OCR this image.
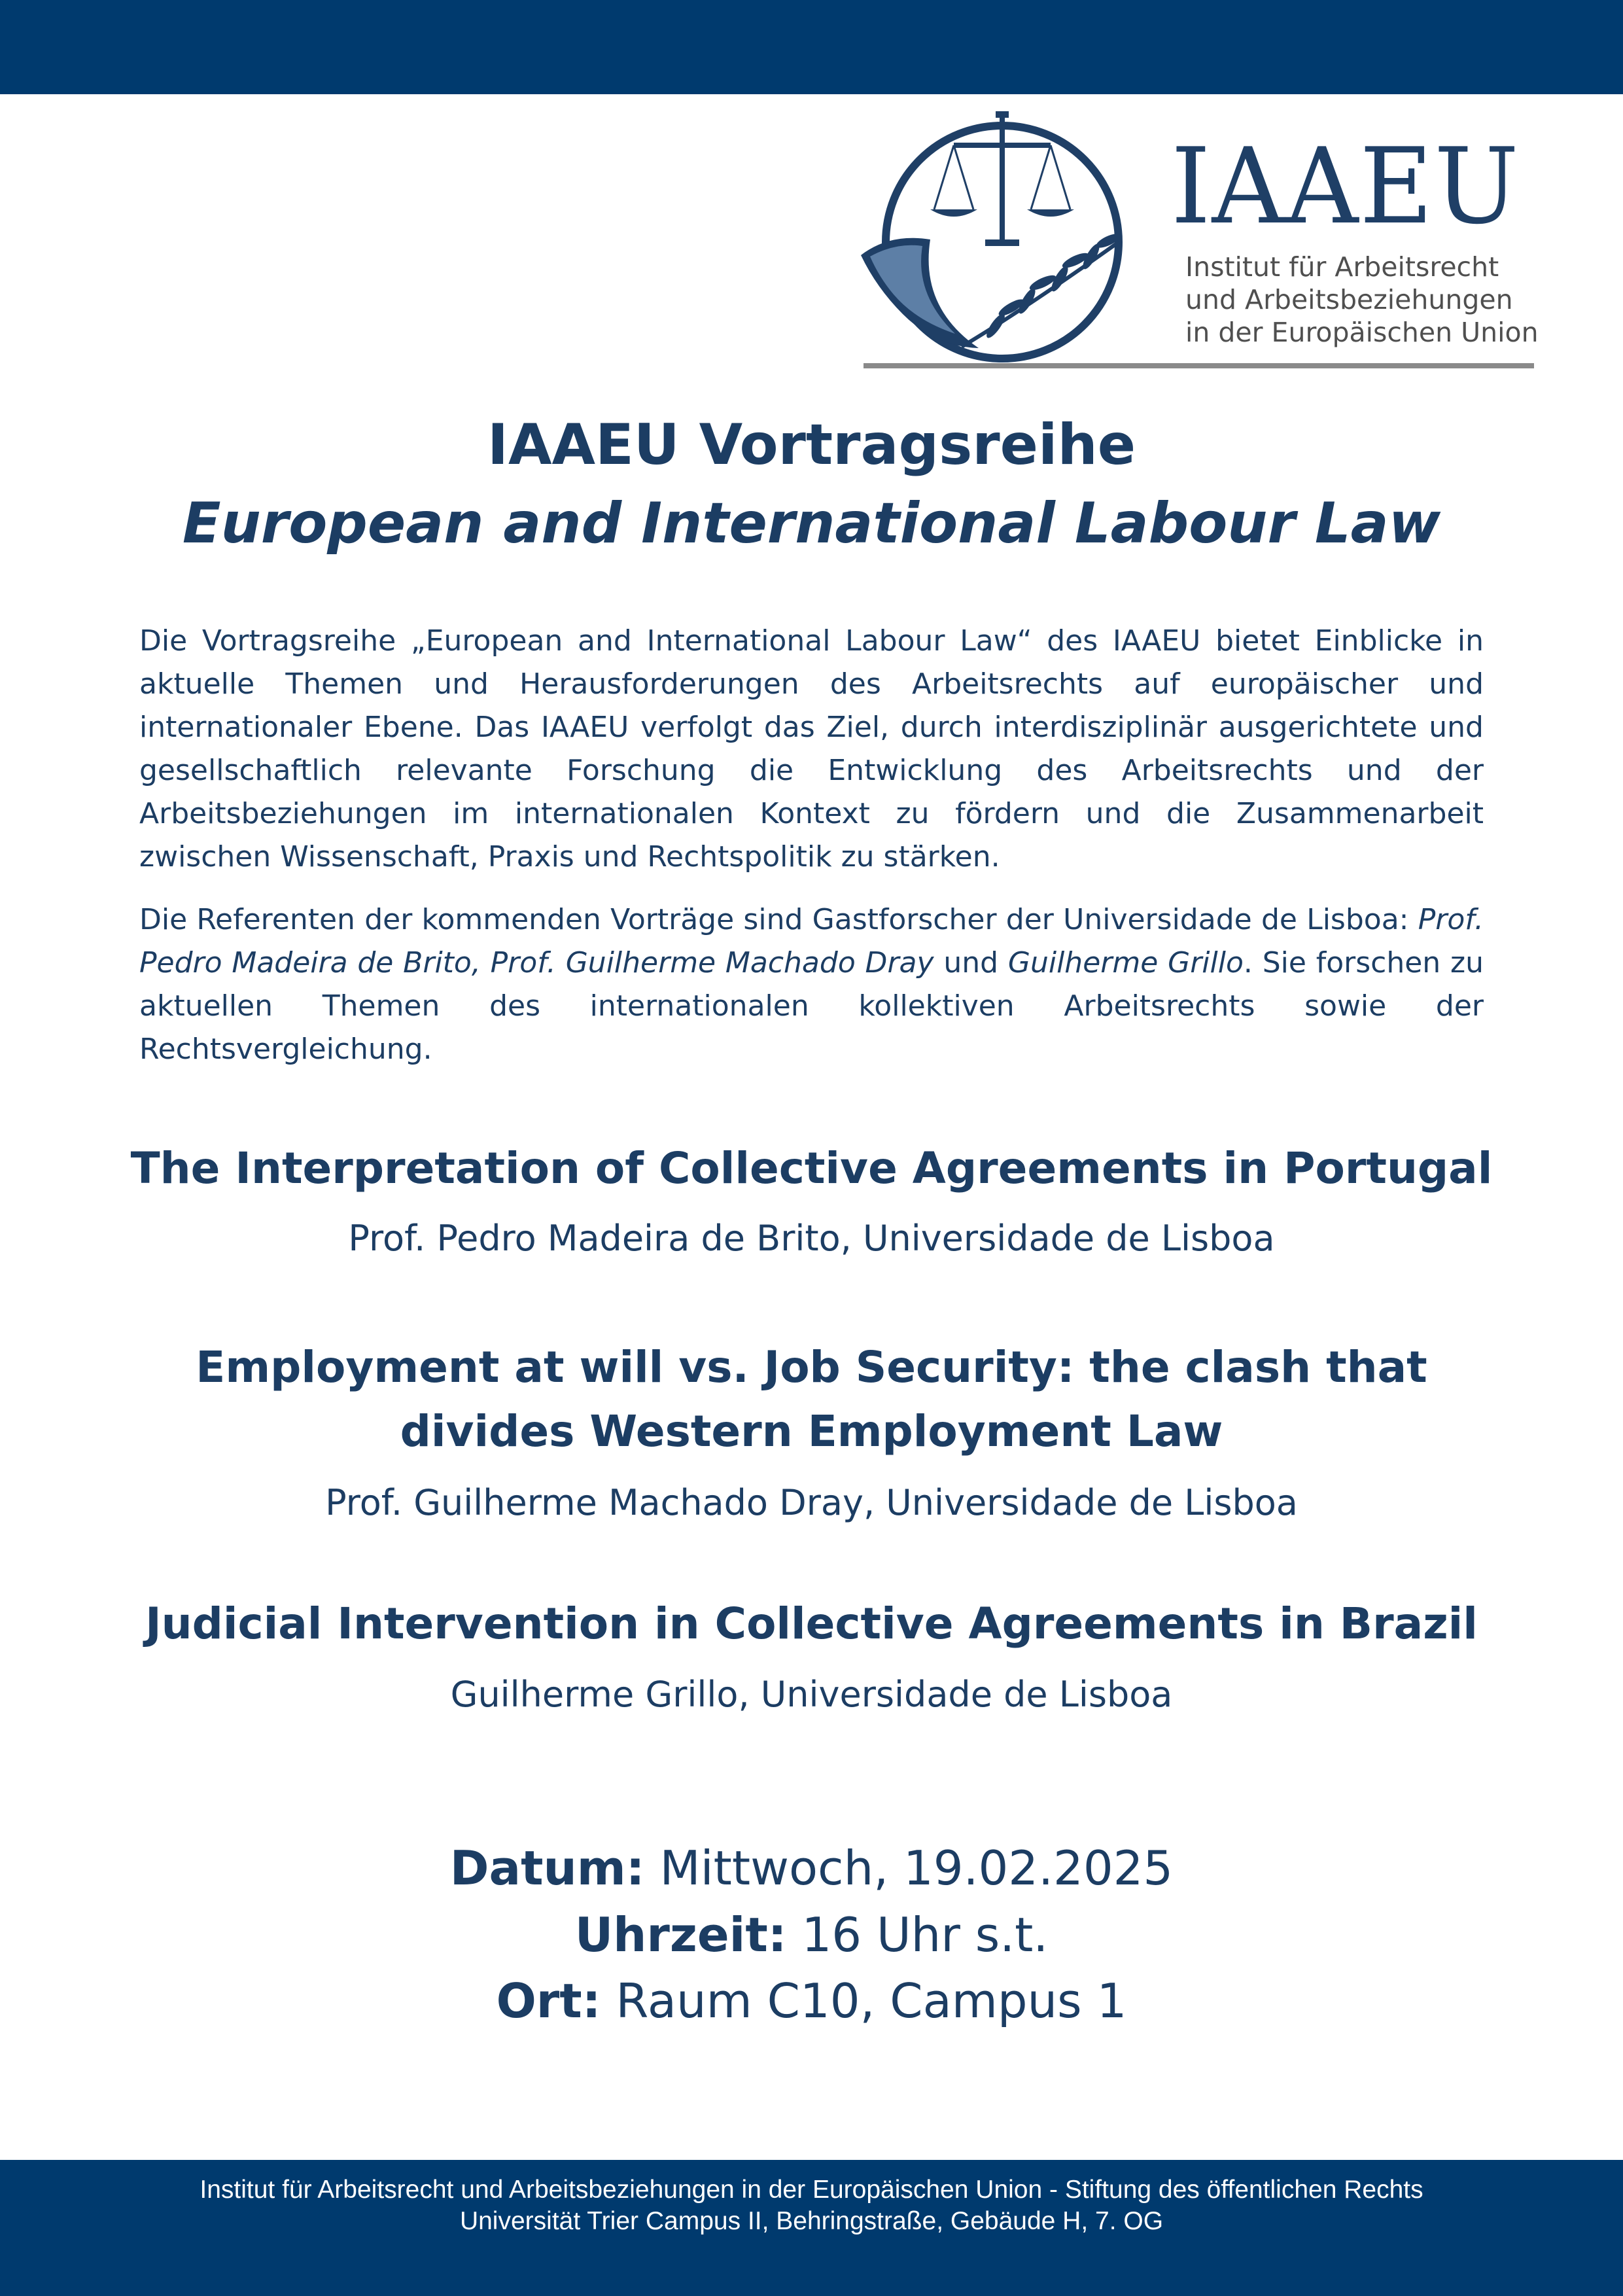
IAAEU
Institut für Arbeitsrecht
und Arbeitsbeziehungen
in der Europäischen Union
IAAEU Vortragsreihe
European and International Labour Law
Die Vortragsreihe „European and International Labour Law“ des IAAEU bietet Einblicke in aktuelle Themen und Herausforderungen des Arbeitsrechts auf europäischer und internationaler Ebene. Das IAAEU verfolgt das Ziel, durch interdisziplinär ausgerichtete und gesellschaftlich relevante Forschung die Entwicklung des Arbeitsrechts und der Arbeitsbeziehungen im internationalen Kontext zu fördern und die Zusammenarbeit zwischen Wissenschaft, Praxis und Rechtspolitik zu stärken.
Die Referenten der kommenden Vorträge sind Gastforscher der Universidade de Lisboa: Prof. Pedro Madeira de Brito, Prof. Guilherme Machado Dray und Guilherme Grillo. Sie forschen zu aktuellen Themen des internationalen kollektiven Arbeitsrechts sowie der Rechtsvergleichung.
The Interpretation of Collective Agreements in Portugal
Prof. Pedro Madeira de Brito, Universidade de Lisboa
Employment at will vs. Job Security: the clash that
divides Western Employment Law
Prof. Guilherme Machado Dray, Universidade de Lisboa
Judicial Intervention in Collective Agreements in Brazil
Guilherme Grillo, Universidade de Lisboa
Datum: Mittwoch, 19.02.2025
Uhrzeit: 16 Uhr s.t.
Ort: Raum C10, Campus 1
Institut für Arbeitsrecht und Arbeitsbeziehungen in der Europäischen Union - Stiftung des öffentlichen Rechts
Universität Trier Campus II, Behringstraße, Gebäude H, 7. OG
